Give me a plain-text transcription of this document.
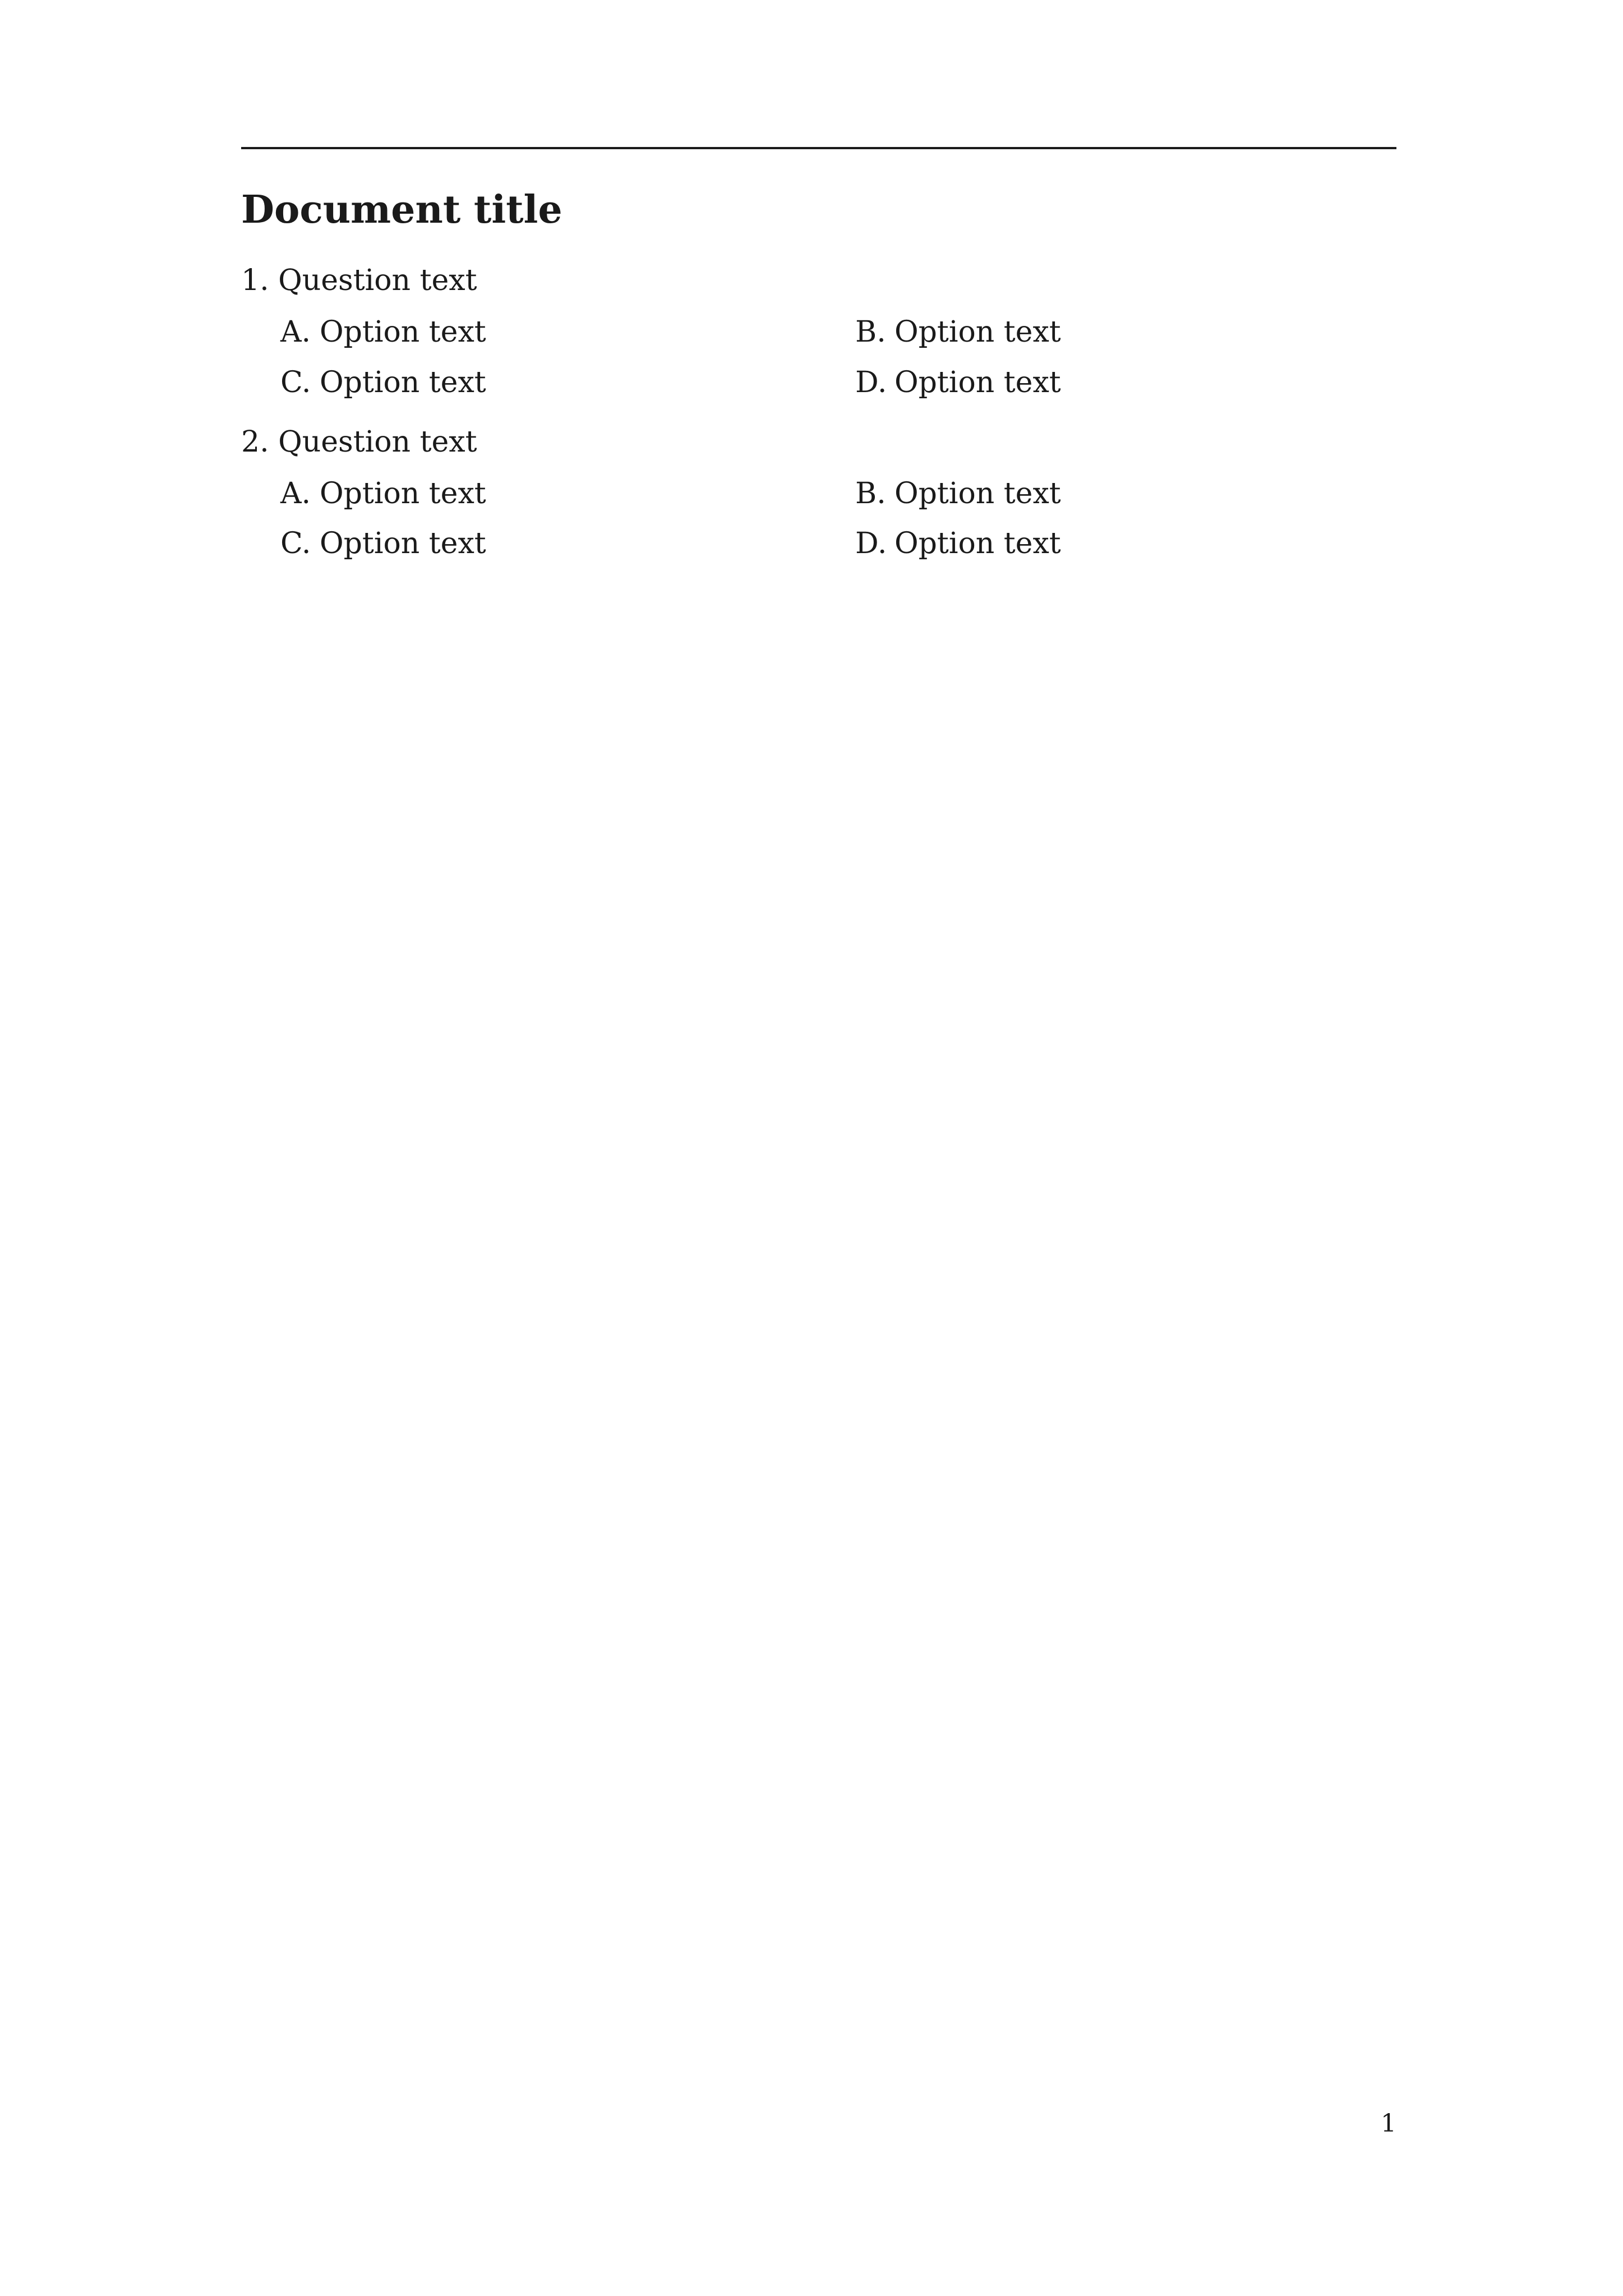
Document title

1. Question text

A. Option text	B. Option text
C. Option text	D. Option text

2. Question text

A. Option text	B. Option text
C. Option text	D. Option text
1
